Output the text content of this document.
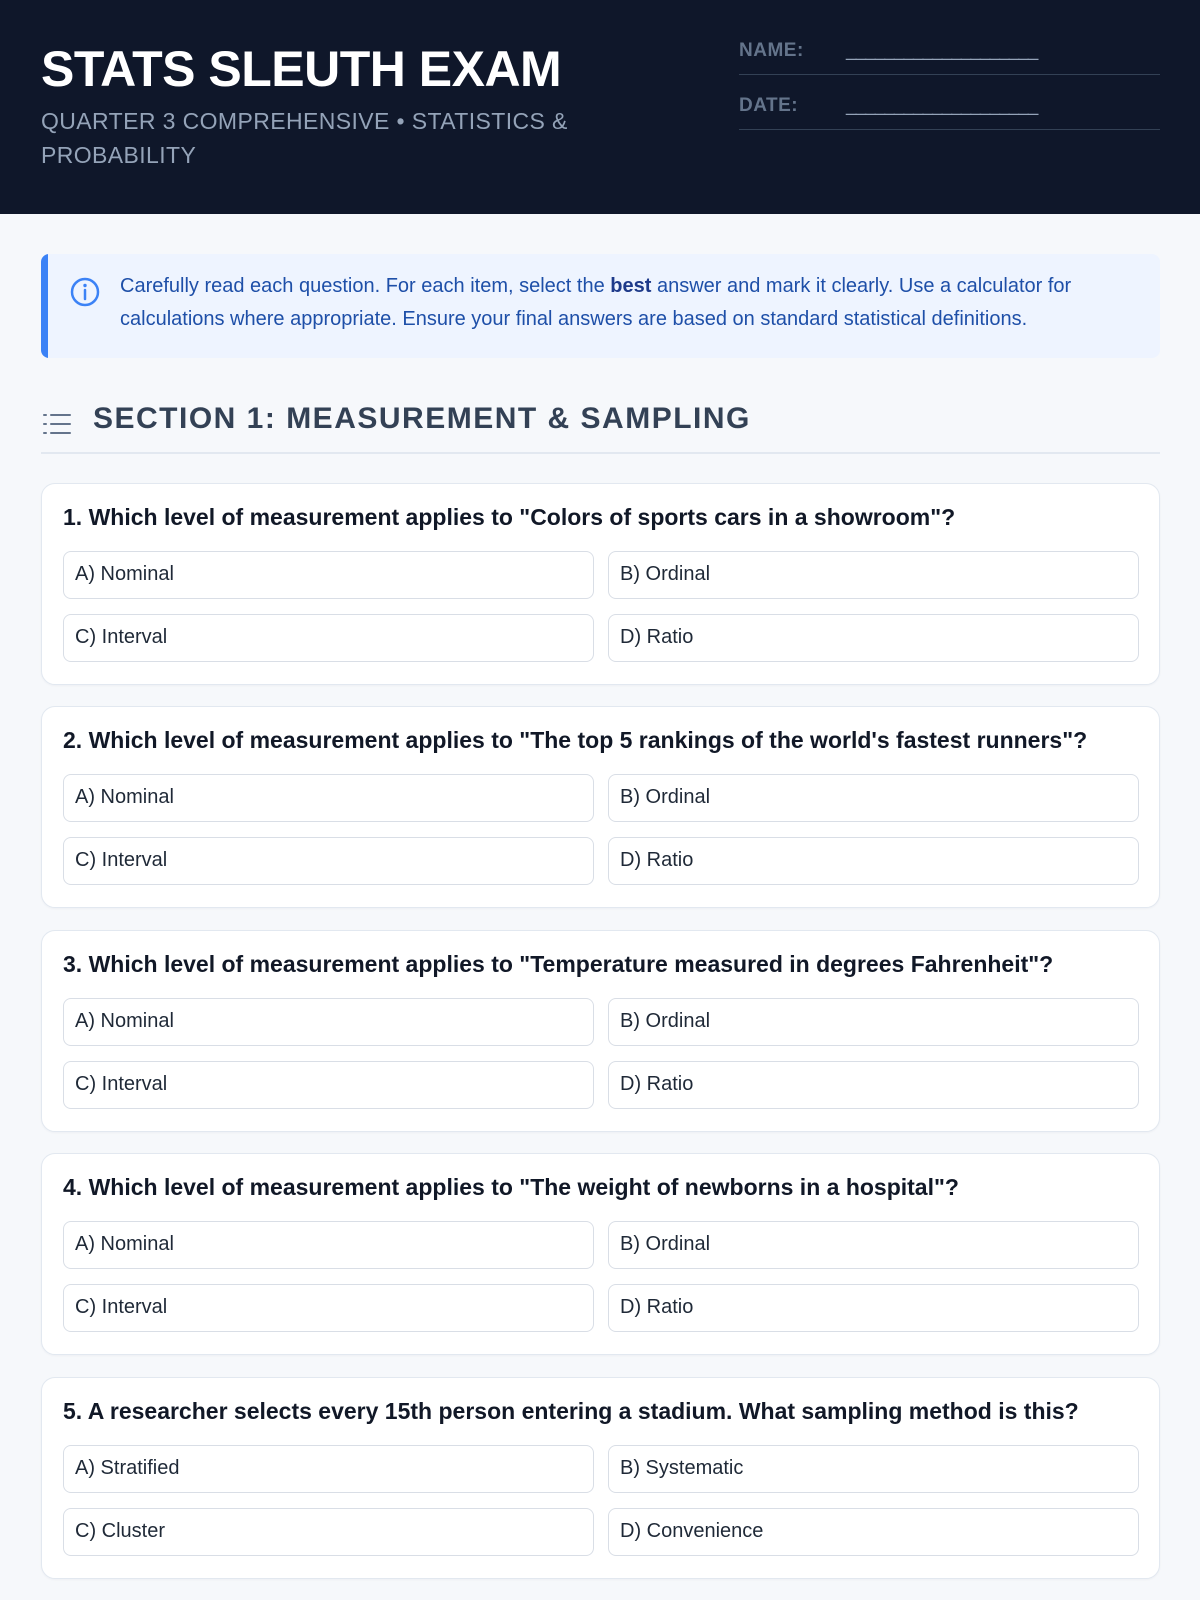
STATS SLEUTH EXAM

QUARTER 3 COMPREHENSIVE • STATISTICS & PROBABILITY

NAME: ____________________
DATE:	____________________
Carefully read each question. For each item, select the best answer and mark it clearly. Use a calculator for calculations where appropriate. Ensure your final answers are based on standard statistical definitions.
SECTION 1: MEASUREMENT & SAMPLING

1. Which level of measurement applies to "Colors of sports cars in a showroom"?

A) Nominal	B) Ordinal
C) Interval	D) Ratio

2. Which level of measurement applies to "The top 5 rankings of the world's fastest runners"?

A) Nominal	B) Ordinal
C) Interval	D) Ratio

3. Which level of measurement applies to "Temperature measured in degrees Fahrenheit"?

A) Nominal	B) Ordinal
C) Interval	D) Ratio

4. Which level of measurement applies to "The weight of newborns in a hospital"?

A) Nominal	B) Ordinal
C) Interval	D) Ratio

5. A researcher selects every 15th person entering a stadium. What sampling method is this?

A) Stratified	B) Systematic
C) Cluster	D) Convenience
